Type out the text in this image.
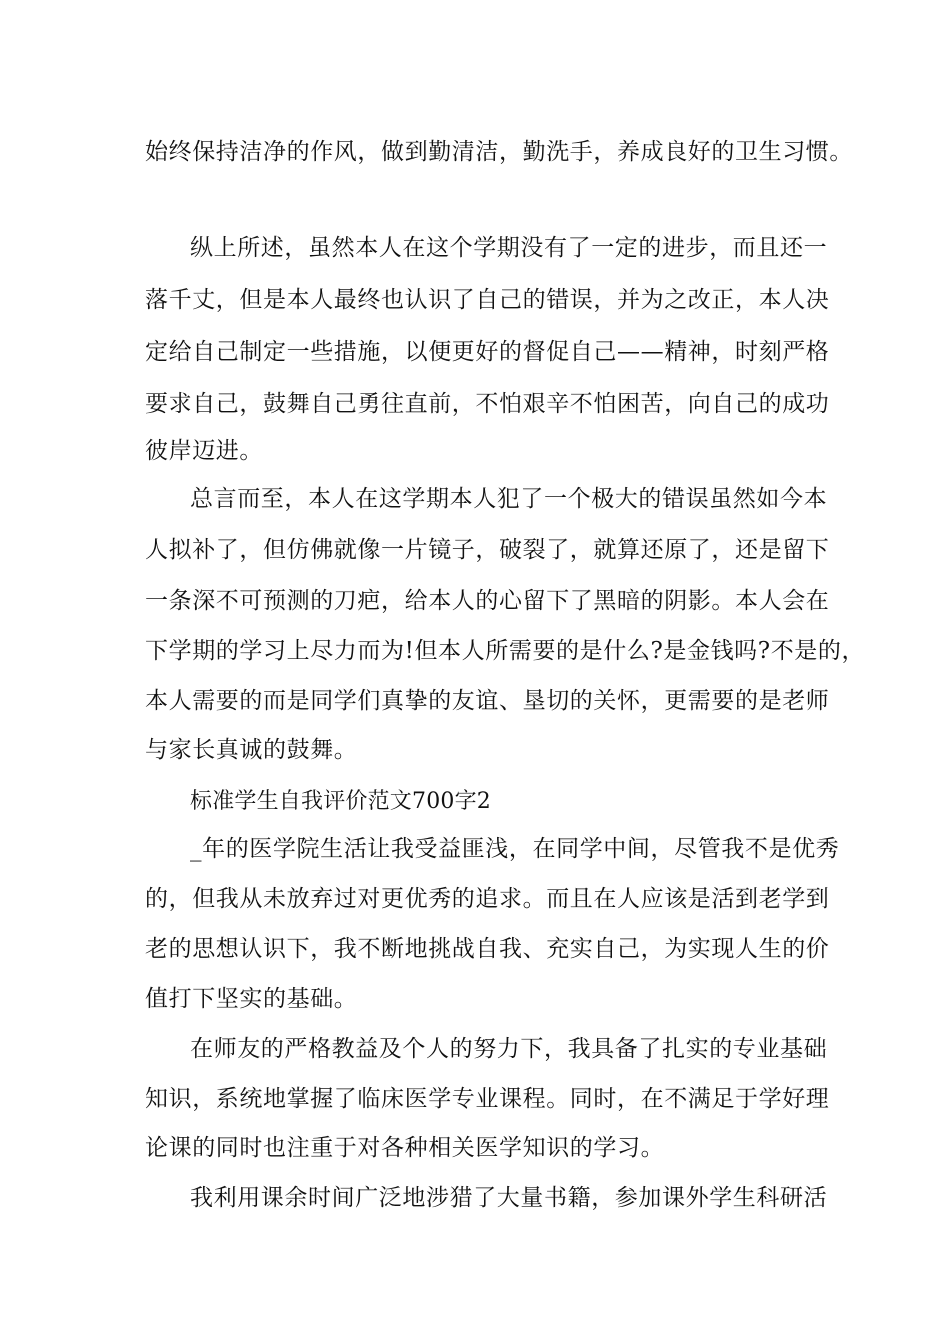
始终保持洁净的作风，做到勤清洁，勤洗手，养成良好的卫生习惯。
纵上所述，虽然本人在这个学期没有了一定的进步，而且还一
落千丈，但是本人最终也认识了自己的错误，并为之改正，本人决
定给自己制定一些措施，以便更好的督促自己——精神，时刻严格
要求自己，鼓舞自己勇往直前，不怕艰辛不怕困苦，向自己的成功
彼岸迈进。
总言而至，本人在这学期本人犯了一个极大的错误虽然如今本
人拟补了，但仿佛就像一片镜子，破裂了，就算还原了，还是留下
一条深不可预测的刀疤，给本人的心留下了黑暗的阴影。本人会在
下学期的学习上尽力而为!但本人所需要的是什么?是金钱吗?不是的，
本人需要的而是同学们真挚的友谊、垦切的关怀，更需要的是老师
与家长真诚的鼓舞。
标准学生自我评价范文700字2
_年的医学院生活让我受益匪浅，在同学中间，尽管我不是优秀
的，但我从未放弃过对更优秀的追求。而且在人应该是活到老学到
老的思想认识下，我不断地挑战自我、充实自己，为实现人生的价
值打下坚实的基础。
在师友的严格教益及个人的努力下，我具备了扎实的专业基础
知识，系统地掌握了临床医学专业课程。同时，在不满足于学好理
论课的同时也注重于对各种相关医学知识的学习。
我利用课余时间广泛地涉猎了大量书籍，参加课外学生科研活
